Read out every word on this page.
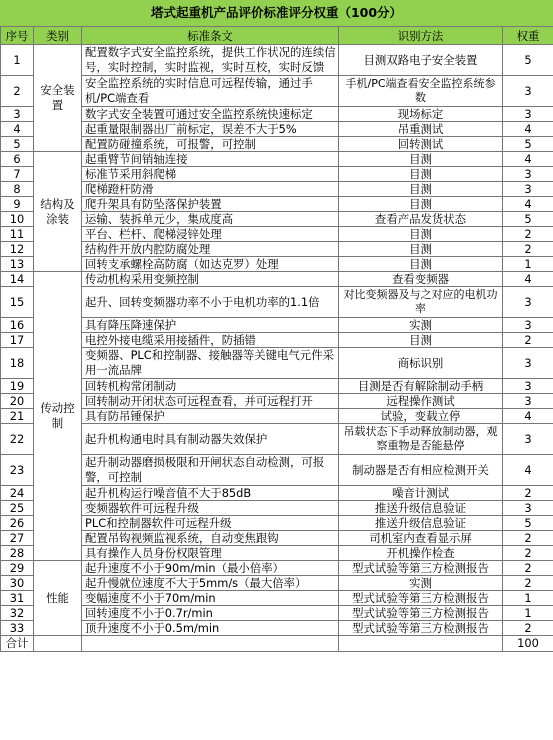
塔式起重机产品评价标准评分权重（100分）
序号	类别	标准条文	识别方法	权重
1	安全装置	配置数字式安全监控系统，提供工作状况的连续信号，实时控制，实时监视，实时互校，实时反馈	目测双路电子安全装置	5
2		安全监控系统的实时信息可远程传输，通过手机/PC端查看	手机/PC端查看安全监控系统参数	3
3		数字式安全装置可通过安全监控系统快速标定	现场标定	3
4		起重量限制器出厂前标定，误差不大于5%	吊重测试	4
5		配置防碰撞系统，可报警，可控制	回转测试	5
6	结构及涂装	起重臂节间销轴连接	目测	4
7		标准节采用斜爬梯	目测	3
8		爬梯蹬杆防滑	目测	3
9		爬升架具有防坠落保护装置	目测	4
10		运输、装拆单元少，集成度高	查看产品发货状态	5
11		平台、栏杆、爬梯浸锌处理	目测	2
12		结构件开放内腔防腐处理	目测	2
13		回转支承螺栓高防腐（如达克罗）处理	目测	1
14	传动控制	传动机构采用变频控制	查看变频器	4
15		起升、回转变频器功率不小于电机功率的1.1倍	对比变频器及与之对应的电机功率	3
16		具有降压降速保护	实测	3
17		电控外接电缆采用接插件，防插错	目测	2
18		变频器、PLC和控制器、接触器等关键电气元件采用一流品牌	商标识别	3
19		回转机构常闭制动	目测是否有解除制动手柄	3
20		回转制动开闭状态可远程查看，并可远程打开	远程操作测试	3
21		具有防吊锤保护	试验，变载立停	4
22		起升机构通电时具有制动器失效保护	吊载状态下手动释放制动器，观察重物是否能悬停	3
23		起升制动器磨损极限和开闸状态自动检测，可报警，可控制	制动器是否有相应检测开关	4
24		起升机构运行噪音值不大于85dB	噪音计测试	2
25		变频器软件可远程升级	推送升级信息验证	3
26		PLC和控制器软件可远程升级	推送升级信息验证	5
27		配置吊钩视频监视系统，自动变焦跟钩	司机室内查看显示屏	2
28		具有操作人员身份权限管理	开机操作检查	2
29	性能	起升速度不小于90m/min（最小倍率）	型式试验等第三方检测报告	2
30		起升慢就位速度不大于5mm/s（最大倍率）	实测	2
31		变幅速度不小于70m/min	型式试验等第三方检测报告	1
32		回转速度不小于0.7r/min	型式试验等第三方检测报告	1
33		顶升速度不小于0.5m/min	型式试验等第三方检测报告	2
合计				100
